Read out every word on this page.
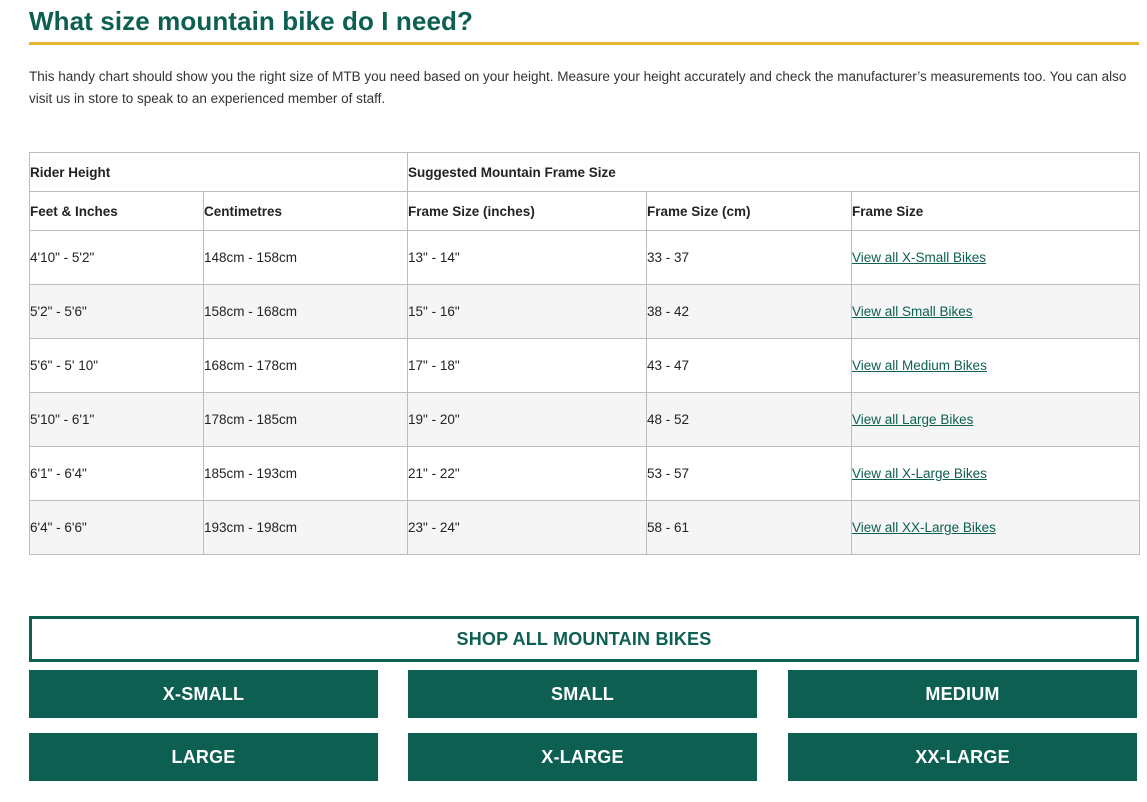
What size mountain bike do I need?

This handy chart should show you the right size of MTB you need based on your height. Measure your height accurately and check the manufacturer’s measurements too. You can also visit us in store to speak to an experienced member of staff.

Rider Height		Suggested Mountain Frame Size		
Feet & Inches	Centimetres	Frame Size (inches)	Frame Size (cm)	Frame Size
4'10" - 5'2"	148cm - 158cm	13" - 14"	33 - 37	View all X-Small Bikes
5'2" - 5'6"	158cm - 168cm	15" - 16"	38 - 42	View all Small Bikes
5'6" - 5' 10"	168cm - 178cm	17" - 18"	43 - 47	View all Medium Bikes
5'10" - 6'1"	178cm - 185cm	19" - 20"	48 - 52	View all Large Bikes
6'1" - 6'4"	185cm - 193cm	21" - 22"	53 - 57	View all X-Large Bikes
6'4" - 6'6"	193cm - 198cm	23" - 24"	58 - 61	View all XX-Large Bikes
SHOP ALL MOUNTAIN BIKES
X-SMALL	SMALL	MEDIUM
LARGE	X-LARGE	XX-LARGE
